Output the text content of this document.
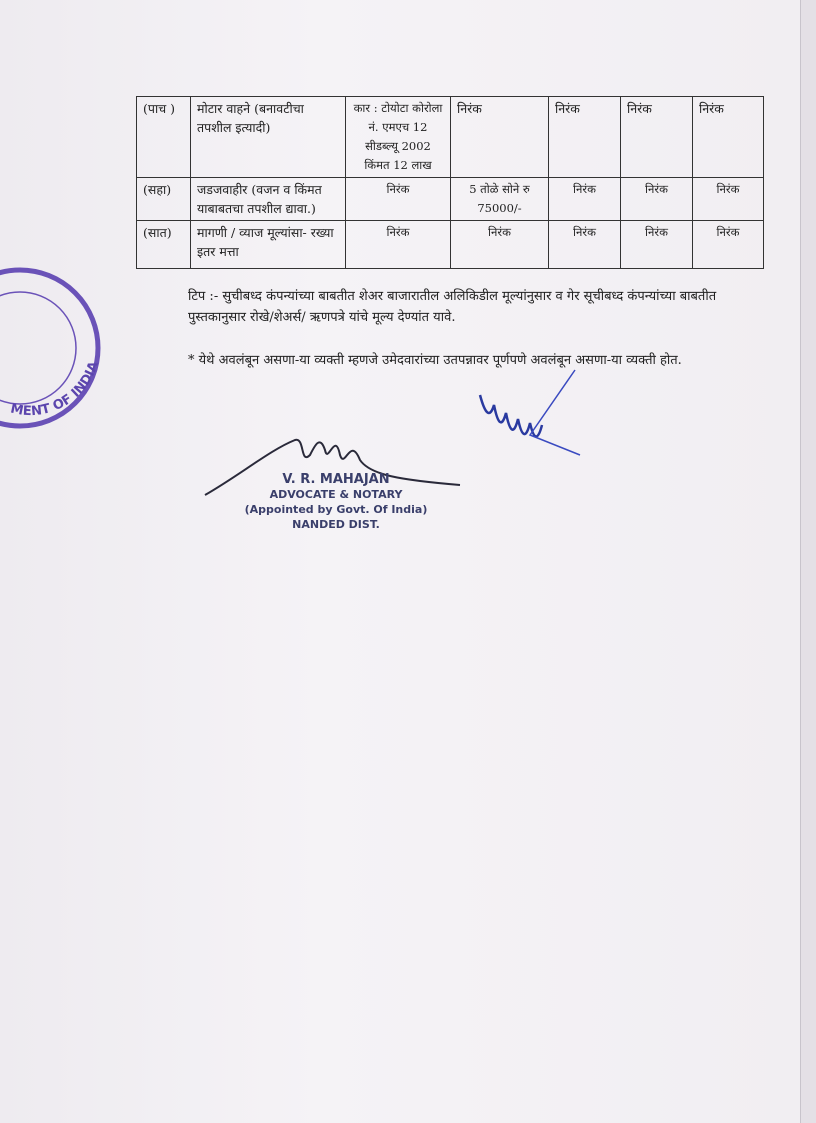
(पाच )	मोटार वाहने (बनावटीचा तपशील इत्यादी)	कार : टोयोटा कोरोला नं. एमएच 12 सीडब्ल्यू 2002 किंमत 12 लाख	निरंक	निरंक	निरंक	निरंक
(सहा)	जडजवाहीर (वजन व किंमत याबाबतचा तपशील द्यावा.)	निरंक	5 तोळे सोने रु 75000/-	निरंक	निरंक	निरंक
(सात)	मागणी / व्याज मूल्यांसा- रख्या इतर मत्ता	निरंक	निरंक	निरंक	निरंक	निरंक
टिप :- सुचीबध्द कंपन्यांच्या बाबतीत शेअर बाजारातील अलिकिडील मूल्यांनुसार व गेर सूचीबध्द कंपन्यांच्या बाबतीत पुस्तकानुसार रोखे/शेअर्स/ ऋणपत्रे यांचे मूल्य देण्यांत यावे.
* येथे अवलंबून असणा-या व्यक्ती म्हणजे उमेदवारांच्या उतपन्नावर पूर्णपणे अवलंबून असणा-या व्यक्ती होत.
MENT OF INDIA
V. R. MAHAJAN
ADVOCATE & NOTARY
(Appointed by Govt. Of India)
NANDED DIST.
